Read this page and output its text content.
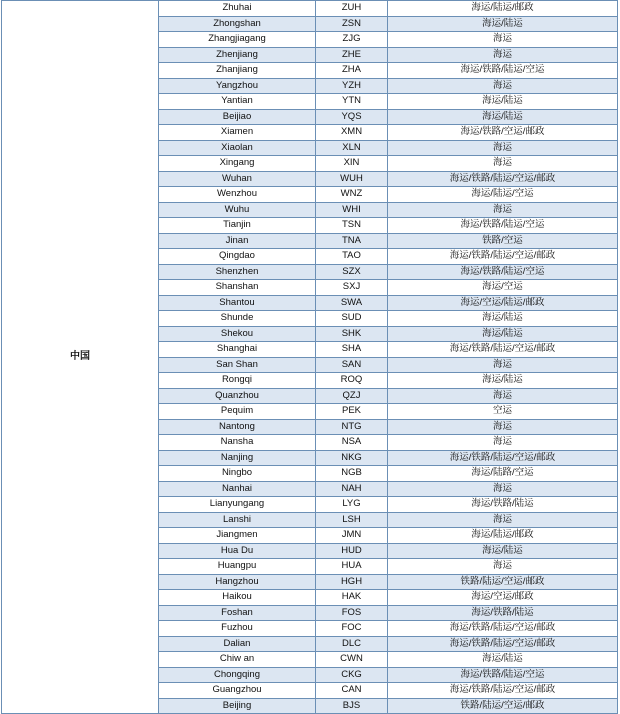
中国	Zhuhai	ZUH	海运/陆运/邮政
	Zhongshan	ZSN	海运/陆运
	Zhangjiagang	ZJG	海运
	Zhenjiang	ZHE	海运
	Zhanjiang	ZHA	海运/铁路/陆运/空运
	Yangzhou	YZH	海运
	Yantian	YTN	海运/陆运
	Beijiao	YQS	海运/陆运
	Xiamen	XMN	海运/铁路/空运/邮政
	Xiaolan	XLN	海运
	Xingang	XIN	海运
	Wuhan	WUH	海运/铁路/陆运/空运/邮政
	Wenzhou	WNZ	海运/陆运/空运
	Wuhu	WHI	海运
	Tianjin	TSN	海运/铁路/陆运/空运
	Jinan	TNA	铁路/空运
	Qingdao	TAO	海运/铁路/陆运/空运/邮政
	Shenzhen	SZX	海运/铁路/陆运/空运
	Shanshan	SXJ	海运/空运
	Shantou	SWA	海运/空运/陆运/邮政
	Shunde	SUD	海运/陆运
	Shekou	SHK	海运/陆运
	Shanghai	SHA	海运/铁路/陆运/空运/邮政
	San Shan	SAN	海运
	Rongqi	ROQ	海运/陆运
	Quanzhou	QZJ	海运
	Pequim	PEK	空运
	Nantong	NTG	海运
	Nansha	NSA	海运
	Nanjing	NKG	海运/铁路/陆运/空运/邮政
	Ningbo	NGB	海运/陆路/空运
	Nanhai	NAH	海运
	Lianyungang	LYG	海运/铁路/陆运
	Lanshi	LSH	海运
	Jiangmen	JMN	海运/陆运/邮政
	Hua Du	HUD	海运/陆运
	Huangpu	HUA	海运
	Hangzhou	HGH	铁路/陆运/空运/邮政
	Haikou	HAK	海运/空运/邮政
	Foshan	FOS	海运/铁路/陆运
	Fuzhou	FOC	海运/铁路/陆运/空运/邮政
	Dalian	DLC	海运/铁路/陆运/空运/邮政
	Chiw an	CWN	海运/陆运
	Chongqing	CKG	海运/铁路/陆运/空运
	Guangzhou	CAN	海运/铁路/陆运/空运/邮政
	Beijing	BJS	铁路/陆运/空运/邮政
